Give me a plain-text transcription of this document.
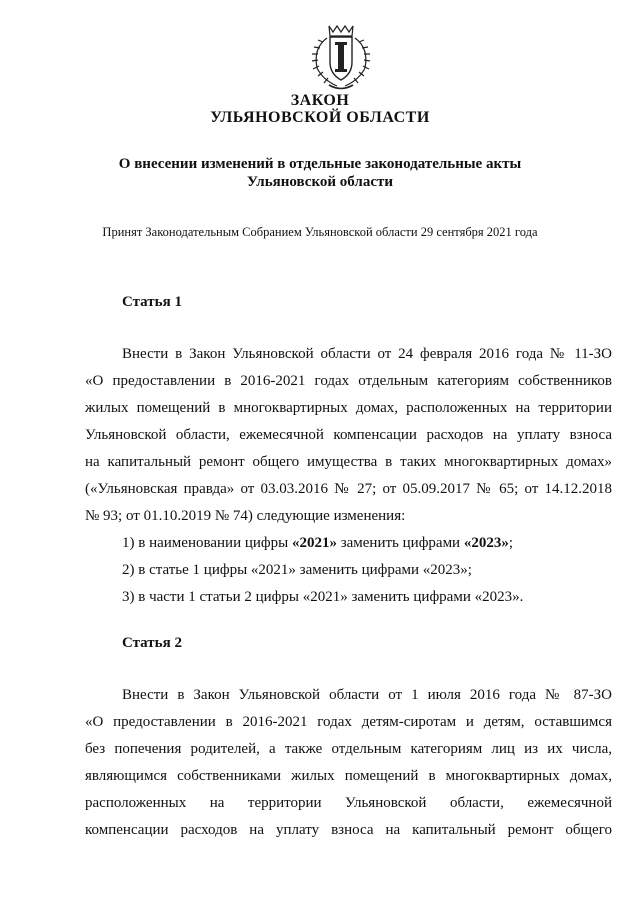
ЗАКОН
УЛЬЯНОВСКОЙ ОБЛАСТИ
О внесении изменений в отдельные законодательные акты
Ульяновской области
Принят Законодательным Собранием Ульяновской области 29 сентября 2021 года
Статья 1
Внести в Закон Ульяновской области от 24 февраля 2016 года № 11-ЗО
«О предоставлении в 2016-2021 годах отдельным категориям собственников
жилых помещений в многоквартирных домах, расположенных на территории
Ульяновской области, ежемесячной компенсации расходов на уплату взноса
на капитальный ремонт общего имущества в таких многоквартирных домах»
(«Ульяновская правда» от 03.03.2016 № 27; от 05.09.2017 № 65; от 14.12.2018
№ 93; от 01.10.2019 № 74) следующие изменения:
1) в наименовании цифры «2021» заменить цифрами «2023»;
2) в статье 1 цифры «2021» заменить цифрами «2023»;
3) в части 1 статьи 2 цифры «2021» заменить цифрами «2023».
Статья 2
Внести в Закон Ульяновской области от 1 июля 2016 года № 87-ЗО
«О предоставлении в 2016-2021 годах детям-сиротам и детям, оставшимся
без попечения родителей, а также отдельным категориям лиц из их числа,
являющимся собственниками жилых помещений в многоквартирных домах,
расположенных на территории Ульяновской области, ежемесячной
компенсации расходов на уплату взноса на капитальный ремонт общего
